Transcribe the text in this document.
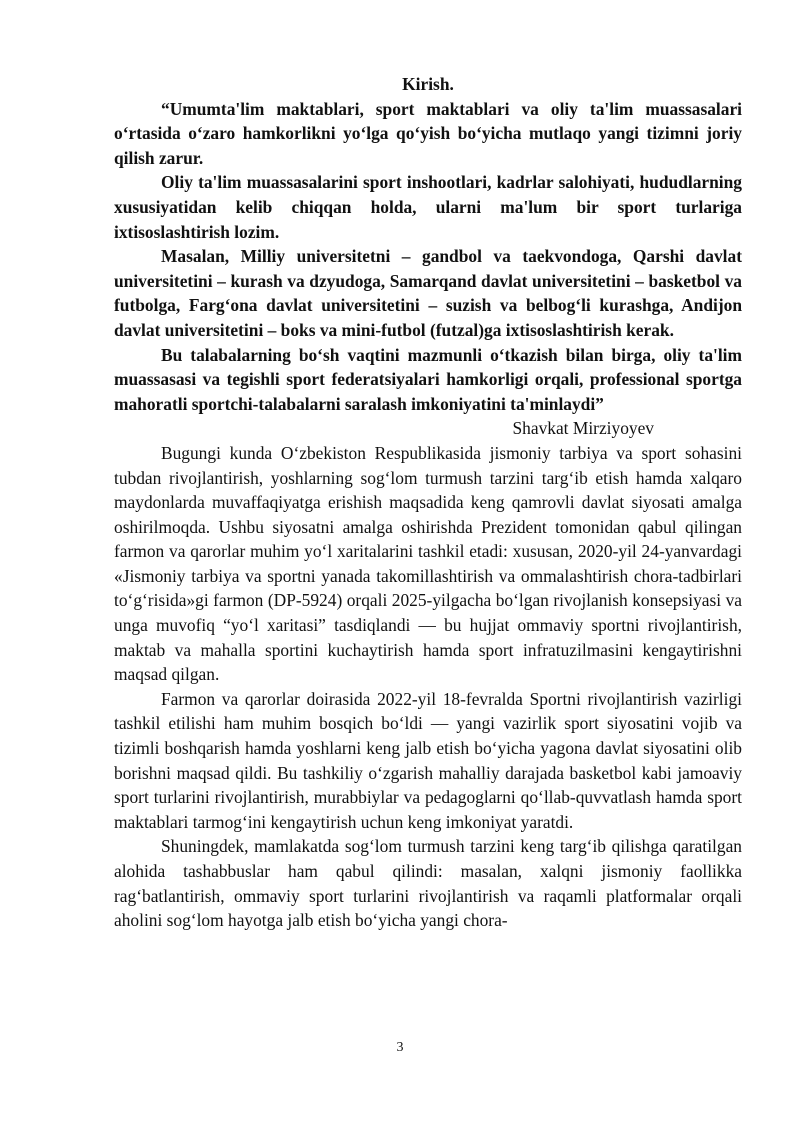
Kirish.

“Umumta'lim maktablari, sport maktablari va oliy ta'lim muassasalari o‘rtasida o‘zaro hamkorlikni yo‘lga qo‘yish bo‘yicha mutlaqo yangi tizimni joriy qilish zarur.

Oliy ta'lim muassasalarini sport inshootlari, kadrlar salohiyati, hududlarning xususiyatidan kelib chiqqan holda, ularni ma'lum bir sport turlariga ixtisoslashtirish lozim.

Masalan, Milliy universitetni – gandbol va taekvondoga, Qarshi davlat universitetini – kurash va dzyudoga, Samarqand davlat universitetini – basketbol va futbolga, Farg‘ona davlat universitetini – suzish va belbog‘li kurashga, Andijon davlat universitetini – boks va mini-futbol (futzal)ga ixtisoslashtirish kerak.

Bu talabalarning bo‘sh vaqtini mazmunli o‘tkazish bilan birga, oliy ta'lim muassasasi va tegishli sport federatsiyalari hamkorligi orqali, professional sportga mahoratli sportchi-talabalarni saralash imkoniyatini ta'minlaydi”

Shavkat Mirziyoyev

Bugungi kunda O‘zbekiston Respublikasida jismoniy tarbiya va sport sohasini tubdan rivojlantirish, yoshlarning sog‘lom turmush tarzini targ‘ib etish hamda xalqaro maydonlarda muvaffaqiyatga erishish maqsadida keng qamrovli davlat siyosati amalga oshirilmoqda. Ushbu siyosatni amalga oshirishda Prezident tomonidan qabul qilingan farmon va qarorlar muhim yo‘l xaritalarini tashkil etadi: xususan, 2020-yil 24-yanvardagi «Jismoniy tarbiya va sportni yanada takomillashtirish va ommalashtirish chora-tadbirlari to‘g‘risida»gi farmon (DP-5924) orqali 2025-yilgacha bo‘lgan rivojlanish konsepsiyasi va unga muvofiq “yo‘l xaritasi” tasdiqlandi — bu hujjat ommaviy sportni rivojlantirish, maktab va mahalla sportini kuchaytirish hamda sport infratuzilmasini kengaytirishni maqsad qilgan.

Farmon va qarorlar doirasida 2022-yil 18-fevralda Sportni rivojlantirish vazirligi tashkil etilishi ham muhim bosqich bo‘ldi — yangi vazirlik sport siyosatini vojib va tizimli boshqarish hamda yoshlarni keng jalb etish bo‘yicha yagona davlat siyosatini olib borishni maqsad qildi. Bu tashkiliy o‘zgarish mahalliy darajada basketbol kabi jamoaviy sport turlarini rivojlantirish, murabbiylar va pedagoglarni qo‘llab-quvvatlash hamda sport maktablari tarmog‘ini kengaytirish uchun keng imkoniyat yaratdi.

Shuningdek, mamlakatda sog‘lom turmush tarzini keng targ‘ib qilishga qaratilgan alohida tashabbuslar ham qabul qilindi: masalan, xalqni jismoniy faollikka rag‘batlantirish, ommaviy sport turlarini rivojlantirish va raqamli platformalar orqali aholini sog‘lom hayotga jalb etish bo‘yicha yangi chora-

3
